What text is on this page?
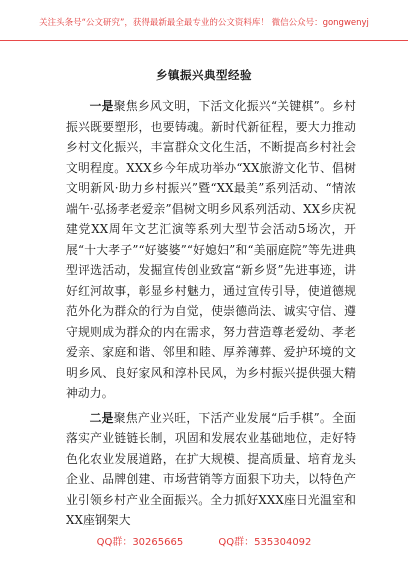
关注头条号“公文研究”，获得最新最全最专业的公文资料库！ 微信公众号：gongwenyj
乡镇振兴典型经验

一是聚焦乡风文明，下活文化振兴“关键棋”。乡村振兴既要塑形，也要铸魂。新时代新征程，要大力推动乡村文化振兴，丰富群众文化生活，不断提高乡村社会文明程度。XXX乡今年成功举办“XX旅游文化节、倡树文明新风·助力乡村振兴”暨“XX最美”系列活动、“情浓端午·弘扬孝老爱亲”倡树文明乡风系列活动、XX乡庆祝建党XX周年文艺汇演等系列大型节会活动5场次，开展“十大孝子”“好婆婆”“好媳妇”和“美丽庭院”等先进典型评选活动，发掘宣传创业致富“新乡贤”先进事迹，讲好红河故事，彰显乡村魅力，通过宣传引导，使道德规范外化为群众的行为自觉，使崇德尚法、诚实守信、遵守规则成为群众的内在需求，努力营造尊老爱幼、孝老爱亲、家庭和谐、邻里和睦、厚养薄葬、爱护环境的文明乡风、良好家风和淳朴民风，为乡村振兴提供强大精神动力。

二是聚焦产业兴旺，下活产业发展“后手棋”。全面落实产业链链长制，巩固和发展农业基础地位，走好特色化农业发展道路，在扩大规模、提高质量、培育龙头企业、品牌创建、市场营销等方面狠下功夫，以特色产业引领乡村产业全面振兴。全力抓好XXX座日光温室和XX座钢架大

QQ群：30265665	QQ群：535304092
